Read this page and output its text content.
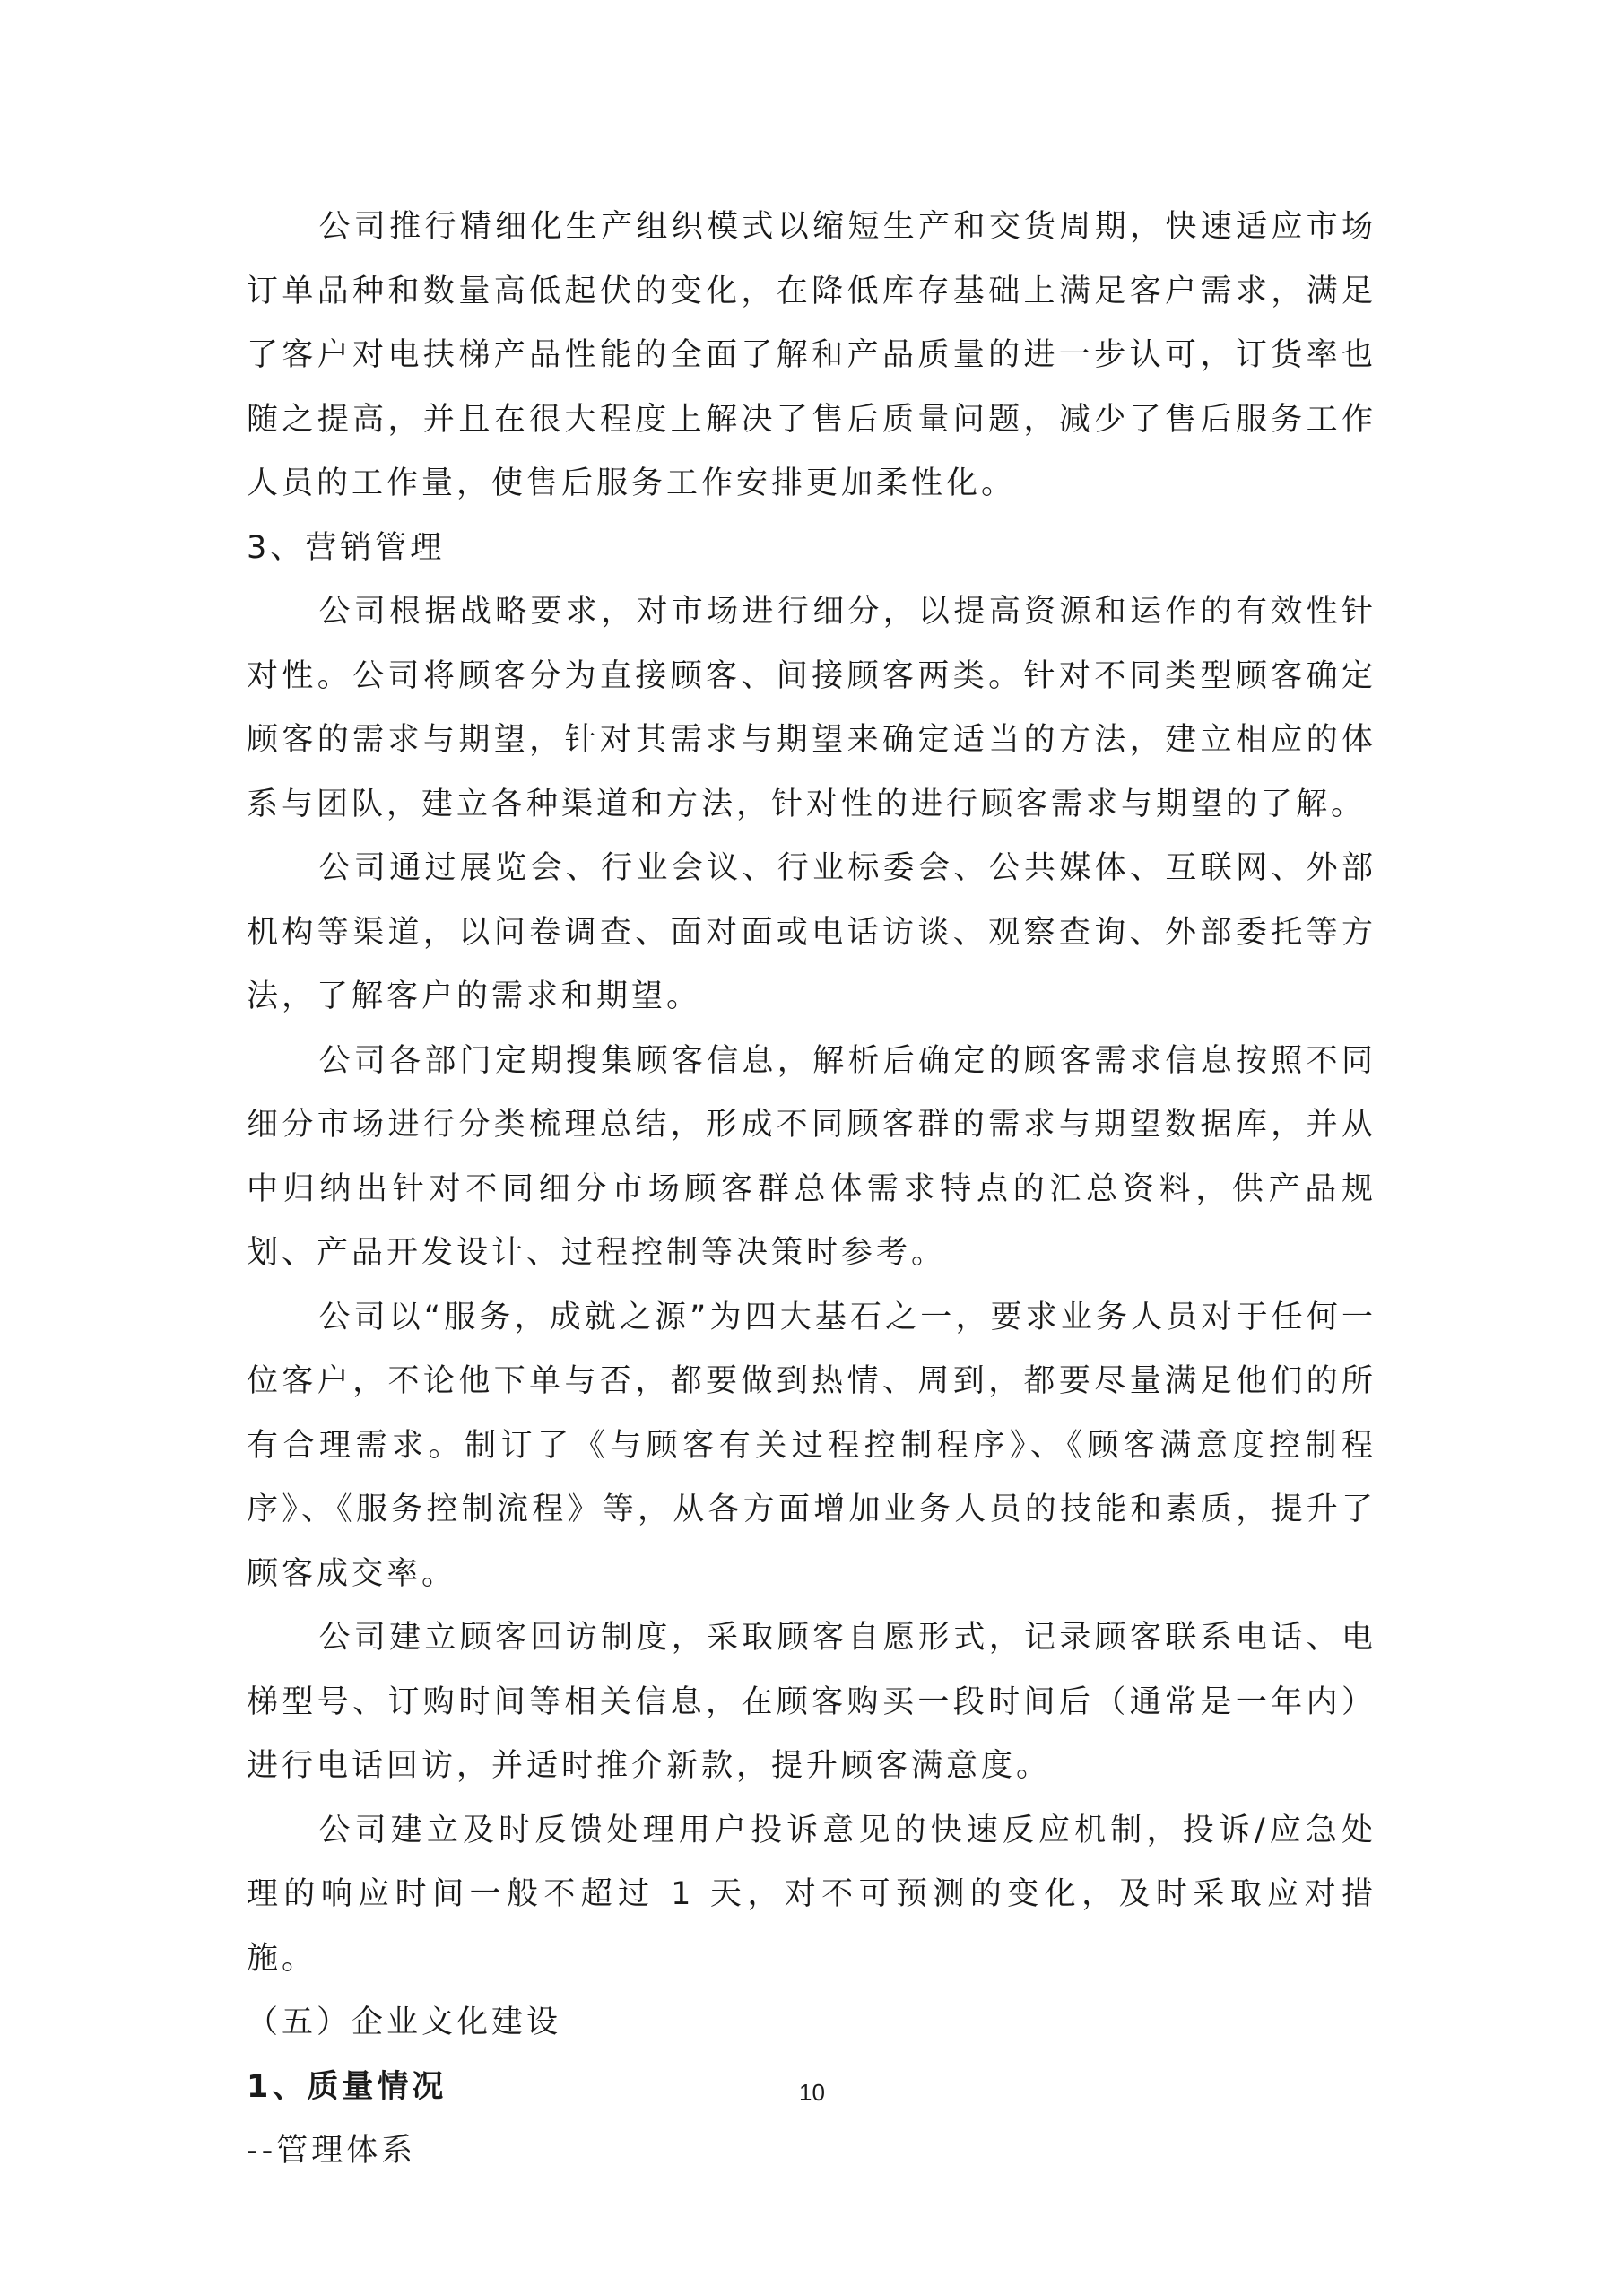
公司推行精细化生产组织模式以缩短生产和交货周期，快速适应市场订单品种和数量高低起伏的变化，在降低库存基础上满足客户需求，满足了客户对电扶梯产品性能的全面了解和产品质量的进一步认可，订货率也随之提高，并且在很大程度上解决了售后质量问题，减少了售后服务工作人员的工作量，使售后服务工作安排更加柔性化。

3、营销管理

公司根据战略要求，对市场进行细分，以提高资源和运作的有效性针对性。公司将顾客分为直接顾客、间接顾客两类。针对不同类型顾客确定顾客的需求与期望，针对其需求与期望来确定适当的方法，建立相应的体系与团队，建立各种渠道和方法，针对性的进行顾客需求与期望的了解。

公司通过展览会、行业会议、行业标委会、公共媒体、互联网、外部机构等渠道，以问卷调查、面对面或电话访谈、观察查询、外部委托等方法，了解客户的需求和期望。

公司各部门定期搜集顾客信息，解析后确定的顾客需求信息按照不同细分市场进行分类梳理总结，形成不同顾客群的需求与期望数据库，并从中归纳出针对不同细分市场顾客群总体需求特点的汇总资料，供产品规划、产品开发设计、过程控制等决策时参考。

公司以“服务，成就之源”为四大基石之一，要求业务人员对于任何一位客户，不论他下单与否，都要做到热情、周到，都要尽量满足他们的所有合理需求。制订了《与顾客有关过程控制程序》、《顾客满意度控制程序》、《服务控制流程》等，从各方面增加业务人员的技能和素质，提升了顾客成交率。

公司建立顾客回访制度，采取顾客自愿形式，记录顾客联系电话、电梯型号、订购时间等相关信息，在顾客购买一段时间后（通常是一年内）进行电话回访，并适时推介新款，提升顾客满意度。

公司建立及时反馈处理用户投诉意见的快速反应机制，投诉/应急处理的响应时间一般不超过 1 天，对不可预测的变化，及时采取应对措施。

（五）企业文化建设

1、质量情况

--管理体系

10
